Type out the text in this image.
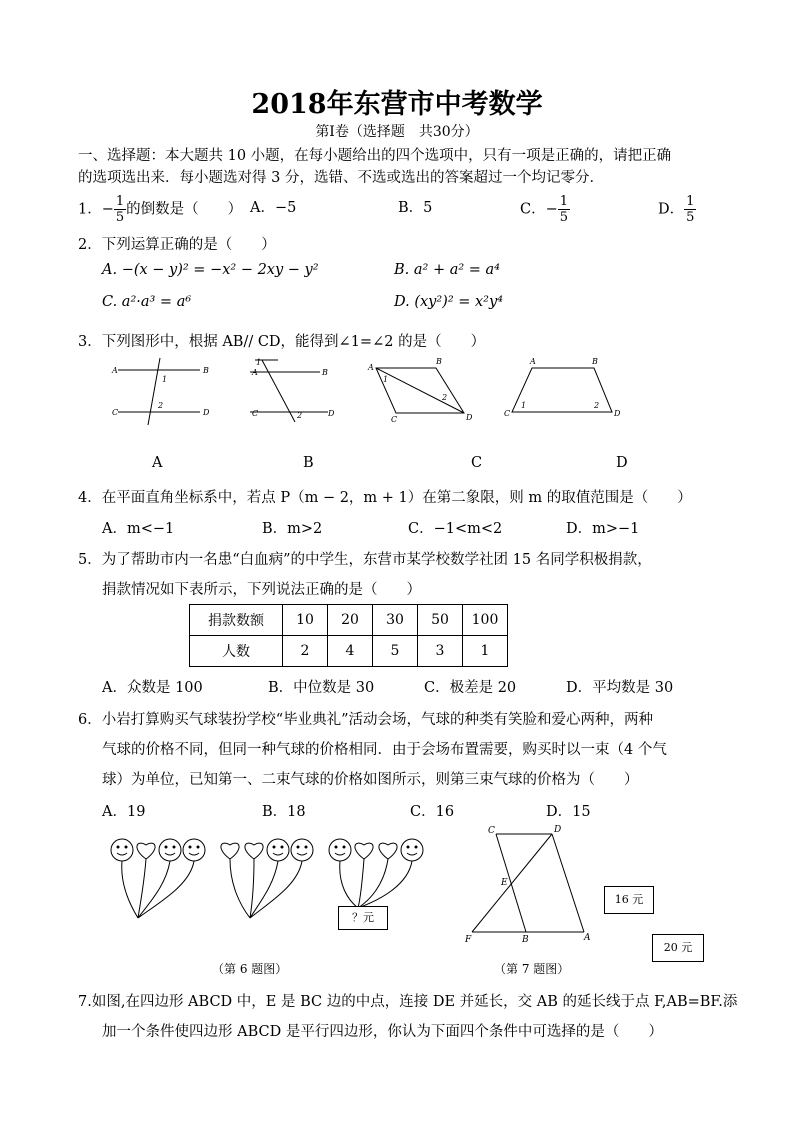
2018年东营市中考数学
第Ⅰ卷（选择题　共30分）
一、选择题：本大题共 10 小题，在每小题给出的四个选项中，只有一项是正确的，请把正确
的选项选出来．每小题选对得 3 分，选错、不选或选出的答案超过一个均记零分．
1．− $\frac{1}{5}$ 的倒数是（　　） A．−5	B．5	C．− $\frac{1}{5}$	D． $\frac{1}{5}$
2．下列运算正确的是（　　）
A. −(x − y)² = −x² − 2xy − y²	B. a² + a² = a⁴
C. a²·a³ = a⁶	D. (xy²)² = x²y⁴
3．下列图形中，根据 AB// CD，能得到∠1=∠2 的是（　　）
A	B
C	D
1
2
A	B
C	D
1
2
A
B
C	D
1
2
A	B
C	D
1	2
A	B	C	D
4．在平面直角坐标系中，若点 P（m − 2，m + 1）在第二象限，则 m 的取值范围是（　　）
A．m<−1	B．m>2	C．−1<m<2	D．m>−1
5．为了帮助市内一名患“白血病”的中学生，东营市某学校数学社团 15 名同学积极捐款，
捐款情况如下表所示，下列说法正确的是（　　）
捐款数额	10	20	30	50	100
人数	2	4	5	3	1
A．众数是 100	B．中位数是 30	C．极差是 20	D．平均数是 30
6．小岩打算购买气球装扮学校“毕业典礼”活动会场，气球的种类有笑脸和爱心两种，两种
气球的价格不同，但同一种气球的价格相同．由于会场布置需要，购买时以一束（4 个气
球）为单位，已知第一、二束气球的价格如图所示，则第三束气球的价格为（　　）
A．19	B．18	C．16	D．15
？元
16 元
20 元
（第 6 题图）
C	D
E
F	B	A
（第 7 题图）
7.如图,在四边形 ABCD 中，E 是 BC 边的中点，连接 DE 并延长，交 AB 的延长线于点 F,AB=BF.添
加一个条件使四边形 ABCD 是平行四边形，你认为下面四个条件中可选择的是（　　）
